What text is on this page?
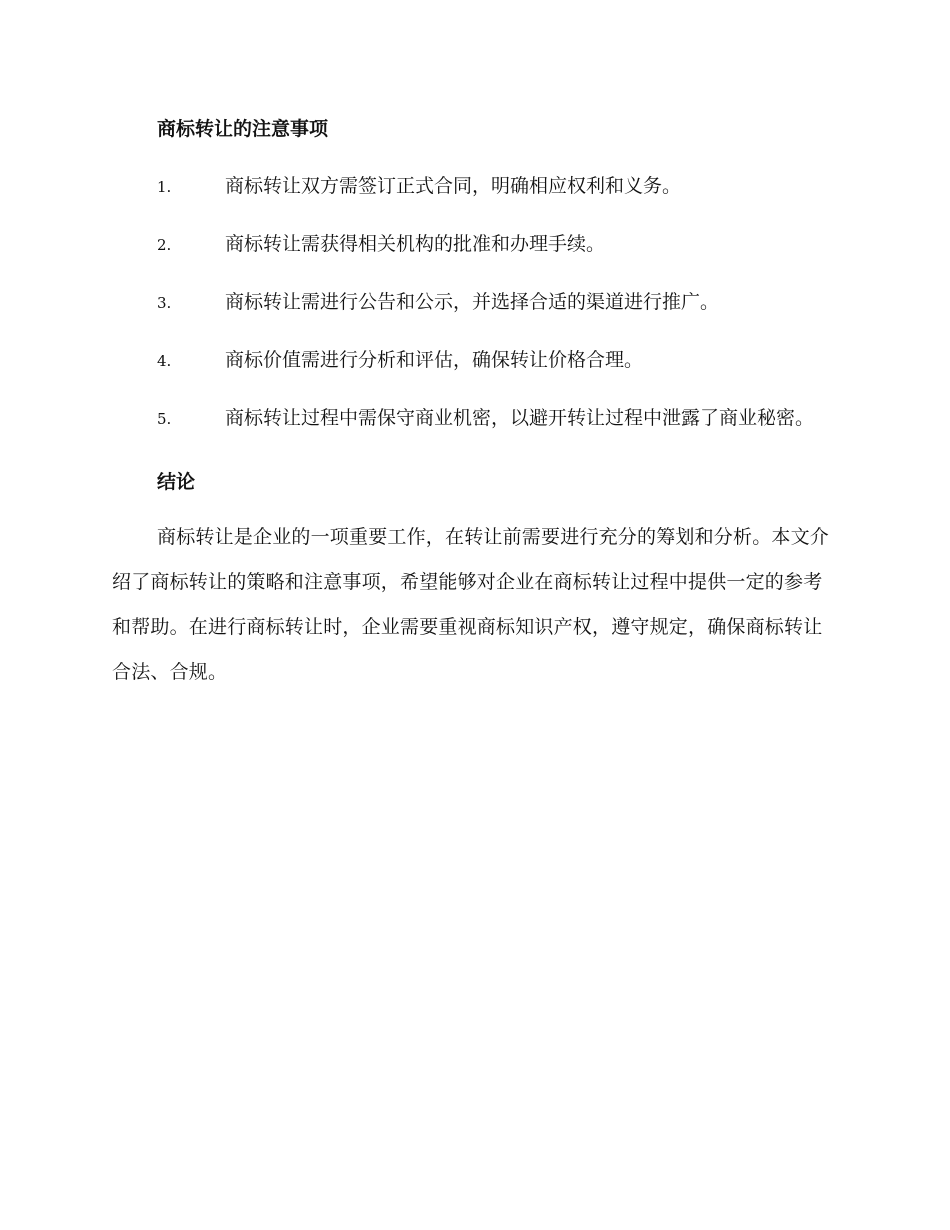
商标转让的注意事项
1.	商标转让双方需签订正式合同，明确相应权利和义务。
2.	商标转让需获得相关机构的批准和办理手续。
3.	商标转让需进行公告和公示，并选择合适的渠道进行推广。
4.	商标价值需进行分析和评估，确保转让价格合理。
5.	商标转让过程中需保守商业机密，以避开转让过程中泄露了商业秘密。
结论

商标转让是企业的一项重要工作，在转让前需要进行充分的筹划和分析。本文介绍了商标转让的策略和注意事项，希望能够对企业在商标转让过程中提供一定的参考和帮助。在进行商标转让时，企业需要重视商标知识产权，遵守规定，确保商标转让合法、合规。
